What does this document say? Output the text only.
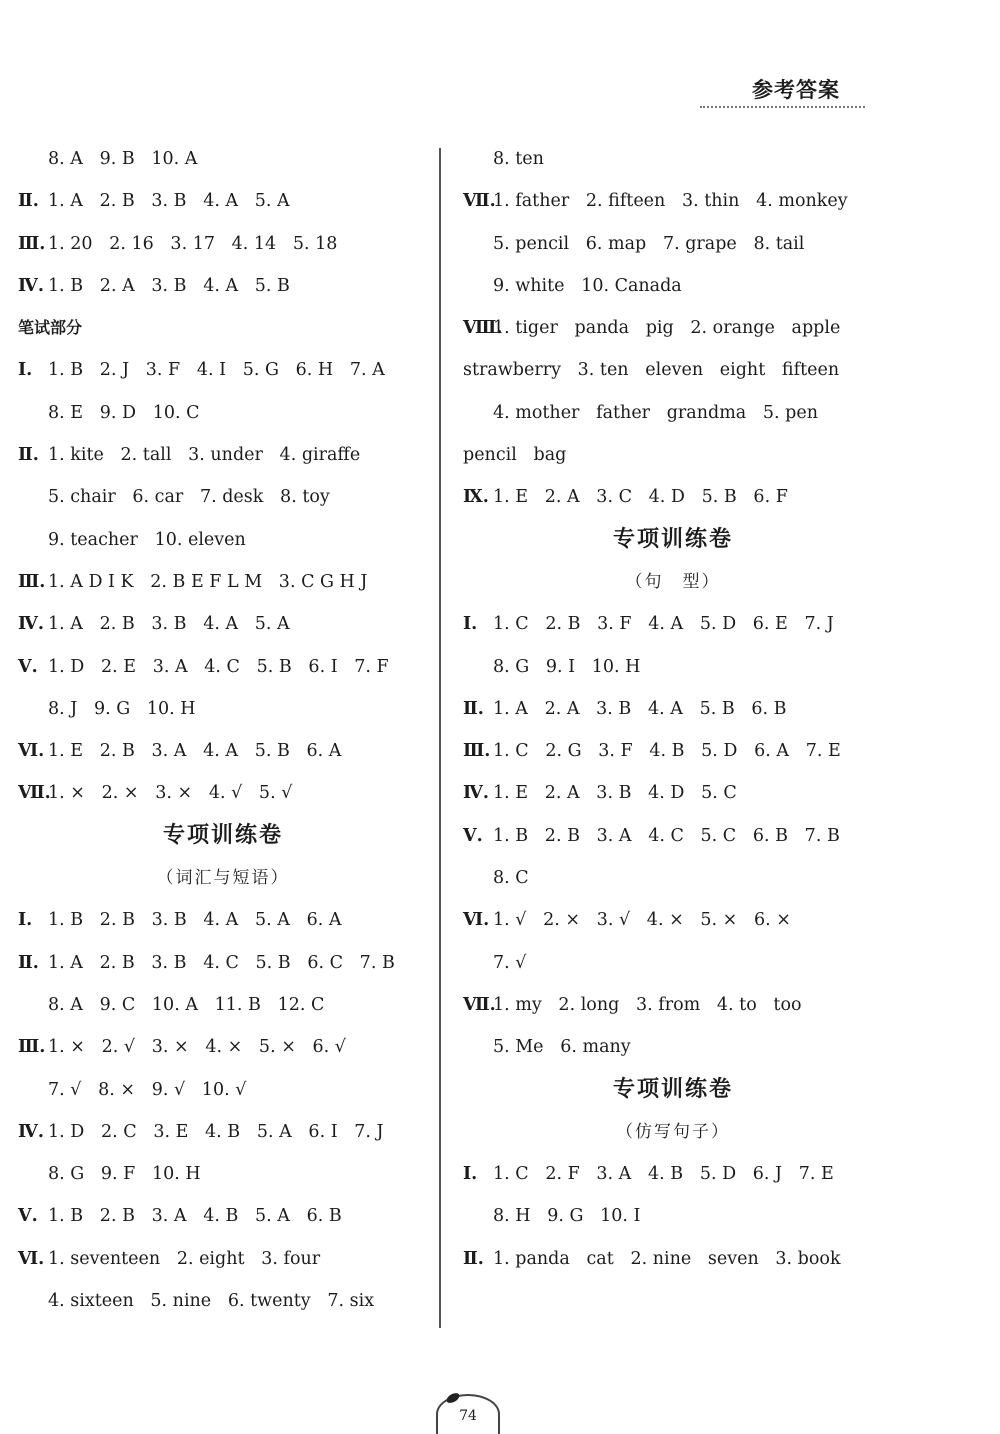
参考答案
8. A   9. B   10. A
Ⅱ. 1. A   2. B   3. B   4. A   5. A
Ⅲ. 1. 20   2. 16   3. 17   4. 14   5. 18
Ⅳ. 1. B   2. A   3. B   4. A   5. B
笔试部分
Ⅰ. 1. B   2. J   3. F   4. I   5. G   6. H   7. A
8. E   9. D   10. C
Ⅱ. 1. kite   2. tall   3. under   4. giraffe
5. chair   6. car   7. desk   8. toy
9. teacher   10. eleven
Ⅲ. 1. A D I K   2. B E F L M   3. C G H J
Ⅳ. 1. A   2. B   3. B   4. A   5. A
Ⅴ. 1. D   2. E   3. A   4. C   5. B   6. I   7. F
8. J   9. G   10. H
Ⅵ. 1. E   2. B   3. A   4. A   5. B   6. A
Ⅶ.1. ×   2. ×   3. ×   4. √   5. √
专项训练卷
（词汇与短语）
Ⅰ. 1. B   2. B   3. B   4. A   5. A   6. A
Ⅱ. 1. A   2. B   3. B   4. C   5. B   6. C   7. B
8. A   9. C   10. A   11. B   12. C
Ⅲ. 1. ×   2. √   3. ×   4. ×   5. ×   6. √
7. √   8. ×   9. √   10. √
Ⅳ. 1. D   2. C   3. E   4. B   5. A   6. I   7. J
8. G   9. F   10. H
Ⅴ. 1. B   2. B   3. A   4. B   5. A   6. B
Ⅵ. 1. seventeen   2. eight   3. four
4. sixteen   5. nine   6. twenty   7. six
8. ten
Ⅶ.1. father   2. fifteen   3. thin   4. monkey
5. pencil   6. map   7. grape   8. tail
9. white   10. Canada
Ⅷ.1. tiger   panda   pig   2. orange   apple
strawberry   3. ten   eleven   eight   fifteen
4. mother   father   grandma   5. pen
pencil   bag
Ⅸ. 1. E   2. A   3. C   4. D   5. B   6. F
专项训练卷
（句　型）
Ⅰ. 1. C   2. B   3. F   4. A   5. D   6. E   7. J
8. G   9. I   10. H
Ⅱ. 1. A   2. A   3. B   4. A   5. B   6. B
Ⅲ. 1. C   2. G   3. F   4. B   5. D   6. A   7. E
Ⅳ. 1. E   2. A   3. B   4. D   5. C
Ⅴ. 1. B   2. B   3. A   4. C   5. C   6. B   7. B
8. C
Ⅵ. 1. √   2. ×   3. √   4. ×   5. ×   6. ×
7. √
Ⅶ.1. my   2. long   3. from   4. to   too
5. Me   6. many
专项训练卷
（仿写句子）
Ⅰ. 1. C   2. F   3. A   4. B   5. D   6. J   7. E
8. H   9. G   10. I
Ⅱ. 1. panda   cat   2. nine   seven   3. book
74
